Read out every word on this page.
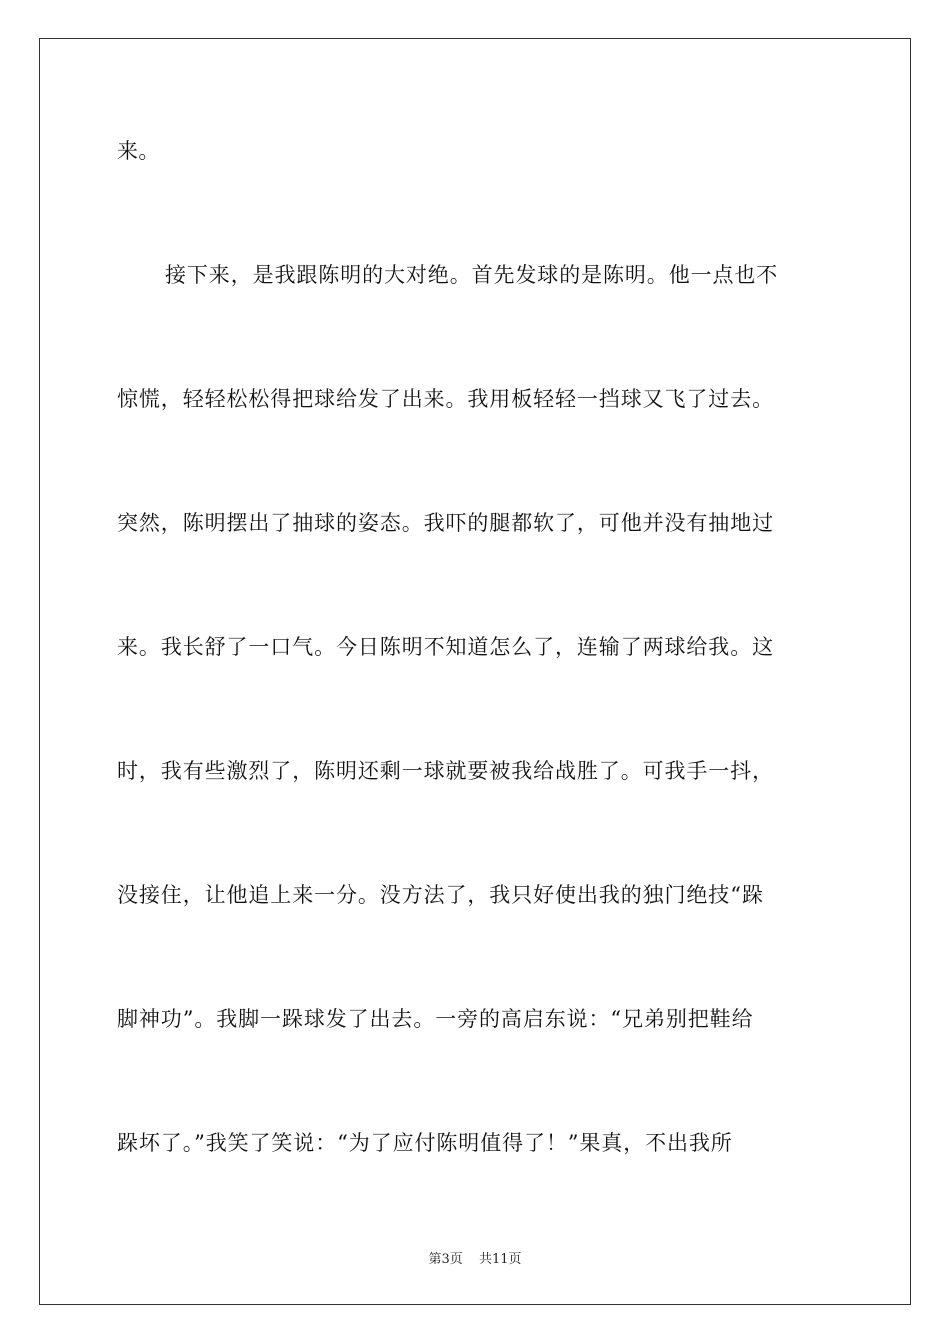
来。
接下来，是我跟陈明的大对绝。首先发球的是陈明。他一点也不
惊慌，轻轻松松得把球给发了出来。我用板轻轻一挡球又飞了过去。
突然，陈明摆出了抽球的姿态。我吓的腿都软了，可他并没有抽地过
来。我长舒了一口气。今日陈明不知道怎么了，连输了两球给我。这
时，我有些激烈了，陈明还剩一球就要被我给战胜了。可我手一抖，
没接住，让他追上来一分。没方法了，我只好使出我的独门绝技“跺
脚神功”。我脚一跺球发了出去。一旁的高启东说：“兄弟别把鞋给
跺坏了。”我笑了笑说：“为了应付陈明值得了！”果真，不出我所
第3页 共11页
